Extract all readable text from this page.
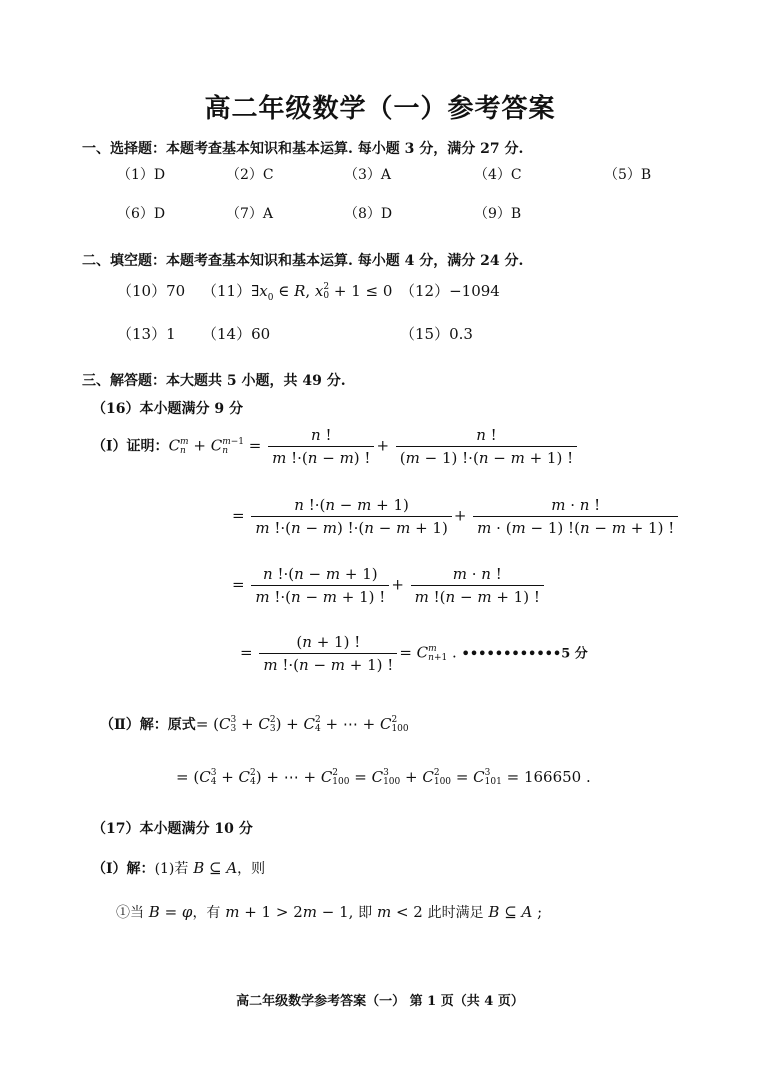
高二年级数学（一）参考答案
一、选择题：本题考查基本知识和基本运算. 每小题 3 分，满分 27 分.
（1）D	（2）C	（3）A	（4）C	（5）B
（6）D	（7）A	（8）D	（9）B
二、填空题：本题考查基本知识和基本运算. 每小题 4 分，满分 24 分.
（10）70 $(11)\exists x_0$ ∈ R, x 2
0 + 1 ≤ 0 （12）−1094
（13）1 （14）60	（15）0.3
三、解答题：本大题共 5 小题，共 49 分.
（16）本小题满分 9 分
（Ⅰ）证明：C m
n + C m−1
n	= $\frac{n !}{m !\cdot(n - m) !} + \frac{n !}{(m - 1) !\cdot(n - m + 1) !}$
= $\frac{n !\cdot(n - m + 1)}{m !\cdot(n - m) !\cdot(n - m + 1)} + \frac{m \cdot n !}{m \cdot (m - 1) !(n - m + 1) !}$
= $\frac{n !\cdot(n - m + 1)}{m !\cdot(n - m + 1) !} + \frac{m \cdot n !}{m !(n - m + 1) !}$
= $\frac{(n + 1) !}{m !\cdot(n - m + 1) !} = C$ m
n+1 . ••••••••••••5 分
（Ⅱ）解：原式= (C 3
3 + C 2
3 ) + C 2
4 + ⋯ + C 2
100
= (C 3
4 + C 2
4 ) + ⋯ + C 2
100 = C 3
100 + C 2
100 = C 3
101 = 166650 .
（17）本小题满分 10 分
（Ⅰ）解：(1)若 B ⊆ A，则
①当 B = φ，有 m + 1 > 2m − 1, 即 m < 2 此时满足 B ⊆ A ;
高二年级数学参考答案（一） 第 1 页（共 4 页）
